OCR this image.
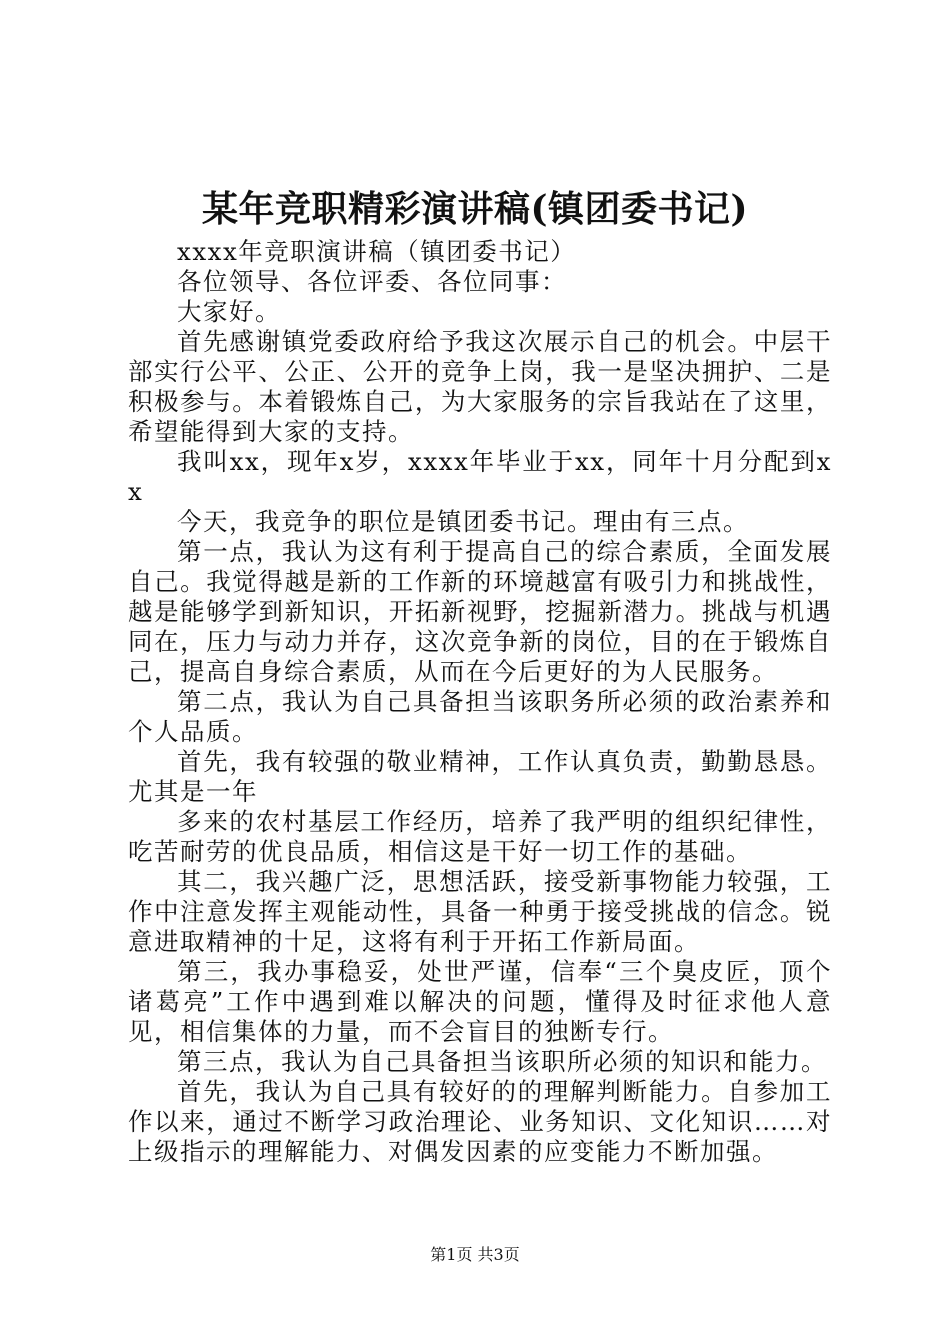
某年竞职精彩演讲稿(镇团委书记)

xxxx年竞职演讲稿（镇团委书记）

各位领导、各位评委、各位同事：

大家好。

首先感谢镇党委政府给予我这次展示自己的机会。中层干部实行公平、公正、公开的竞争上岗，我一是坚决拥护、二是积极参与。本着锻炼自己，为大家服务的宗旨我站在了这里，希望能得到大家的支持。

我叫xx，现年x岁，xxxx年毕业于xx，同年十月分配到xx

今天，我竞争的职位是镇团委书记。理由有三点。

第一点，我认为这有利于提高自己的综合素质，全面发展自己。我觉得越是新的工作新的环境越富有吸引力和挑战性，越是能够学到新知识，开拓新视野，挖掘新潜力。挑战与机遇同在，压力与动力并存，这次竞争新的岗位，目的在于锻炼自己，提高自身综合素质，从而在今后更好的为人民服务。

第二点，我认为自己具备担当该职务所必须的政治素养和个人品质。

首先，我有较强的敬业精神，工作认真负责，勤勤恳恳。尤其是一年

多来的农村基层工作经历，培养了我严明的组织纪律性，吃苦耐劳的优良品质，相信这是干好一切工作的基础。

其二，我兴趣广泛，思想活跃，接受新事物能力较强，工作中注意发挥主观能动性，具备一种勇于接受挑战的信念。锐意进取精神的十足，这将有利于开拓工作新局面。

第三，我办事稳妥，处世严谨，信奉“三个臭皮匠，顶个诸葛亮”工作中遇到难以解决的问题，懂得及时征求他人意见，相信集体的力量，而不会盲目的独断专行。

第三点，我认为自己具备担当该职所必须的知识和能力。

首先，我认为自己具有较好的的理解判断能力。自参加工作以来，通过不断学习政治理论、业务知识、文化知识……对上级指示的理解能力、对偶发因素的应变能力不断加强。

第1页 共3页
